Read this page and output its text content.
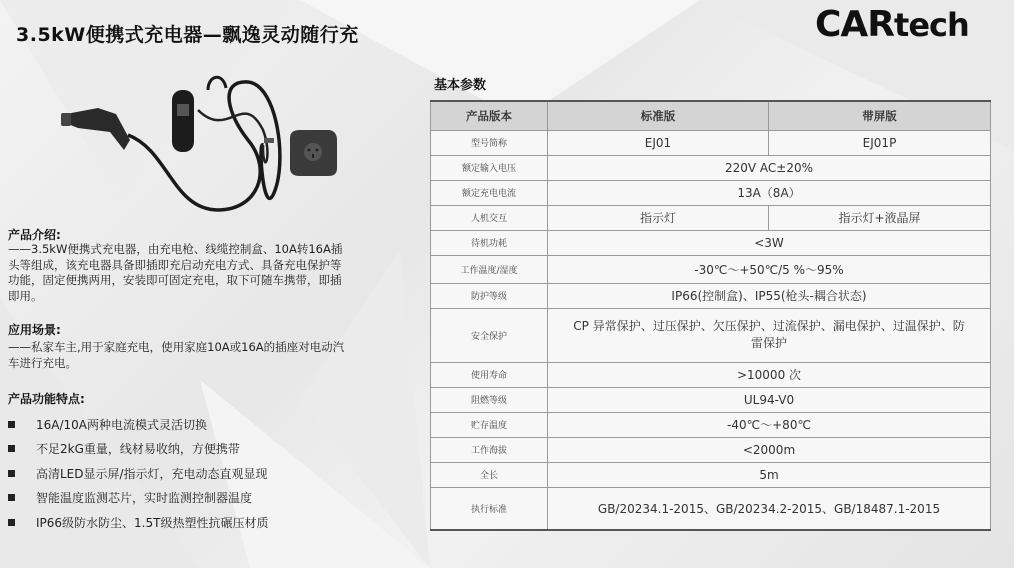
3.5kW便携式充电器—飘逸灵动随行充	CARtech
产品介绍:
——3.5kW便携式充电器，由充电枪、线缆控制盒、10A转16A插
头等组成，该充电器具备即插即充启动充电方式、具备充电保护等
功能，固定便携两用，安装即可固定充电，取下可随车携带，即插
即用。
应用场景:
——私家车主,用于家庭充电，使用家庭10A或16A的插座对电动汽
车进行充电。
产品功能特点:
16A/10A两种电流模式灵活切换
不足2kG重量，线材易收纳，方便携带
高清LED显示屏/指示灯，充电动态直观显现
智能温度监测芯片，实时监测控制器温度
IP66级防水防尘、1.5T级热塑性抗碾压材质
基本参数
产品版本	标准版	带屏版
型号简称	EJ01	EJ01P
额定输入电压	220V AC±20%	
额定充电电流	13A（8A）	
人机交互	指示灯	指示灯+液晶屏
待机功耗	<3W	
工作温度/湿度	-30℃～+50℃/5 %～95%	
防护等级	IP66(控制盒)、IP55(枪头-耦合状态)	
安全保护	CP 异常保护、过压保护、欠压保护、过流保护、漏电保护、过温保护、防雷保护	
使用寿命	>10000 次	
阻燃等级	UL94-V0	
贮存温度	-40℃～+80℃	
工作海拔	<2000m	
全长	5m	
执行标准	GB/20234.1-2015、GB/20234.2-2015、GB/18487.1-2015	
